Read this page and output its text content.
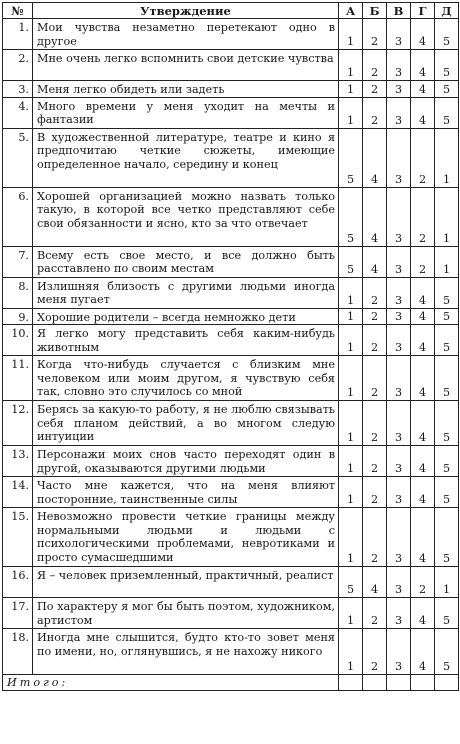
№	Утверждение	А	Б	В	Г	Д
1.	Мои чувства незаметно перетекают одно в другое	1	2	3	4	5
2.	Мне очень легко вспомнить свои детские чувства	1	2	3	4	5
3.	Меня легко обидеть или задеть	1	2	3	4	5
4.	Много времени у меня уходит на мечты и фантазии	1	2	3	4	5
5.	В художественной литературе, театре и кино я предпочитаю четкие сюжеты, имеющие определенное начало, середину и конец	5	4	3	2	1
6.	Хорошей организацией можно назвать только такую, в которой все четко представляют себе свои обязанности и ясно, кто за что отвечает	5	4	3	2	1
7.	Всему есть свое место, и все должно быть расставлено по своим местам	5	4	3	2	1
8.	Излишняя близость с другими людьми иногда меня пугает	1	2	3	4	5
9.	Хорошие родители – всегда немножко дети	1	2	3	4	5
10.	Я легко могу представить себя каким-нибудь животным	1	2	3	4	5
11.	Когда что-нибудь случается с близким мне человеком или моим другом, я чувствую себя так, словно это случилось со мной	1	2	3	4	5
12.	Берясь за какую-то работу, я не люблю связывать себя планом действий, а во многом следую интуиции	1	2	3	4	5
13.	Персонажи моих снов часто переходят один в другой, оказываются другими людьми	1	2	3	4	5
14.	Часто мне кажется, что на меня влияют посторонние, таинственные силы	1	2	3	4	5
15.	Невозможно провести четкие границы между нормальными людьми и людьми с психологическими проблемами, невротиками и просто сумасшедшими	1	2	3	4	5
16.	Я – человек приземленный, практичный, реалист	5	4	3	2	1
17.	По характеру я мог бы быть поэтом, художником, артистом	1	2	3	4	5
18.	Иногда мне слышится, будто кто-то зовет меня по имени, но, оглянувшись, я не нахожу никого	1	2	3	4	5
Итого:						
